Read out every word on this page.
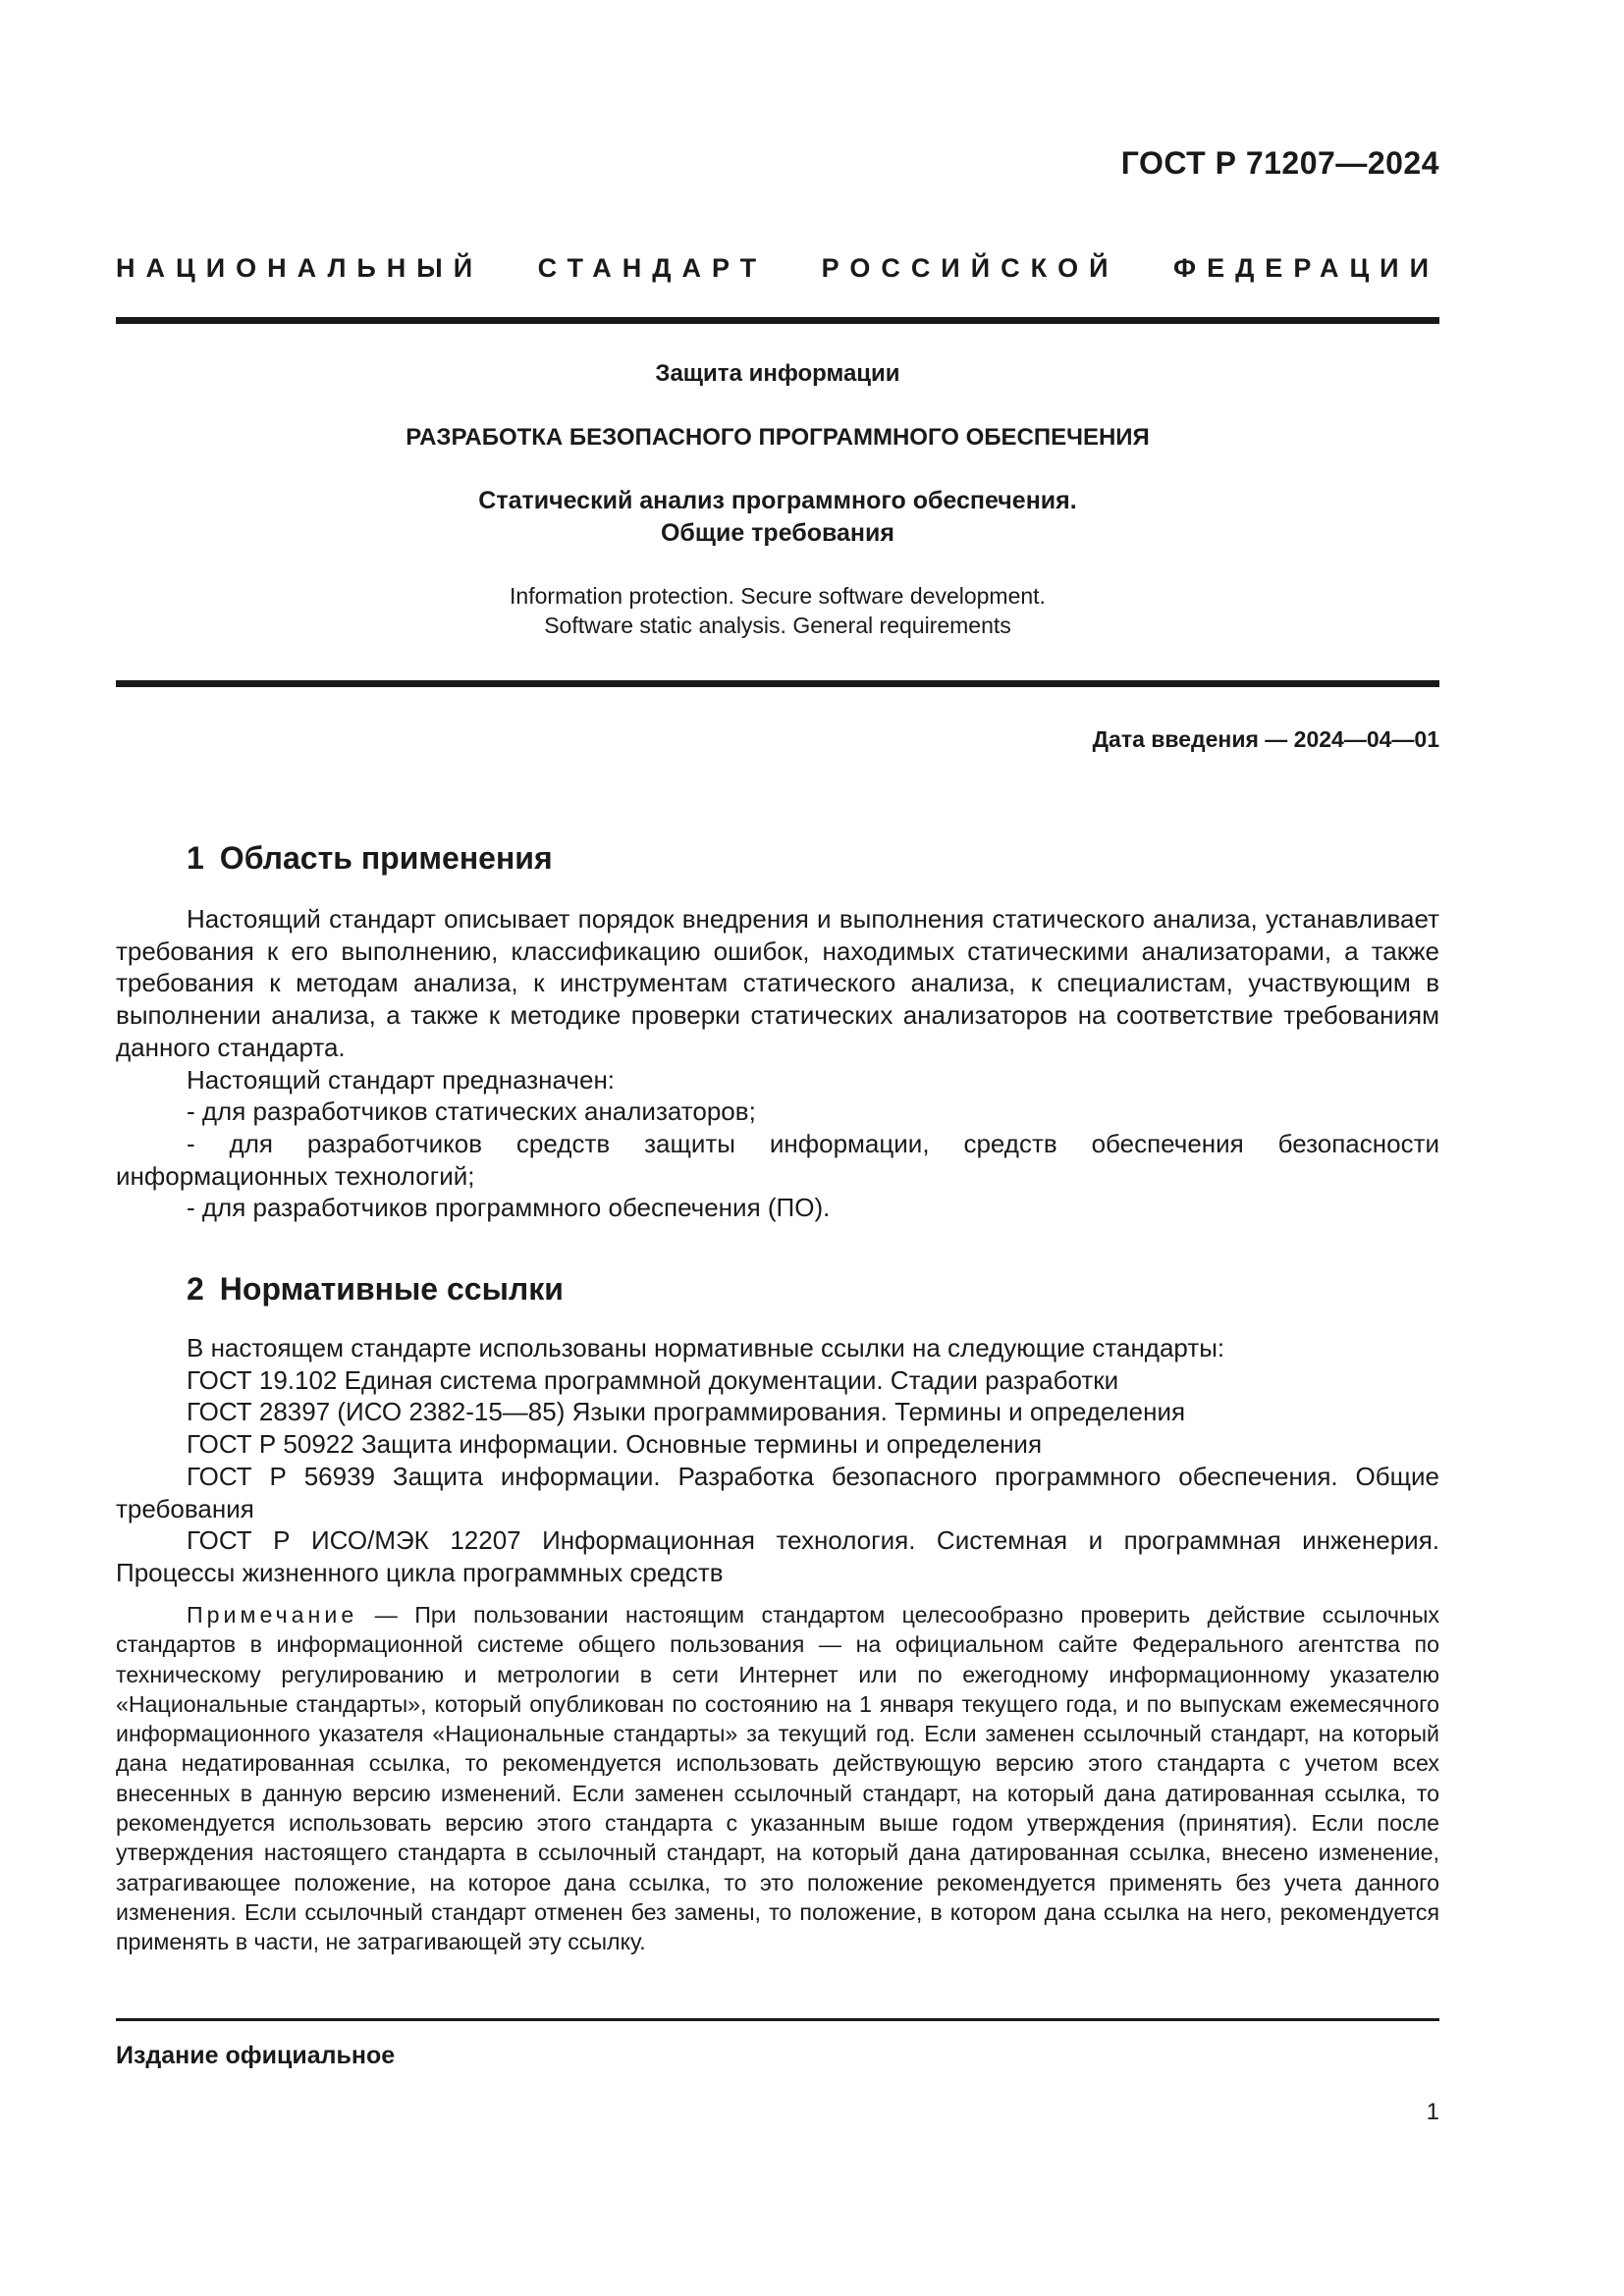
ГОСТ Р 71207—2024
НАЦИОНАЛЬНЫЙ СТАНДАРТ РОССИЙСКОЙ ФЕДЕРАЦИИ
Защита информации
РАЗРАБОТКА БЕЗОПАСНОГО ПРОГРАММНОГО ОБЕСПЕЧЕНИЯ
Статический анализ программного обеспечения.
Общие требования
Information protection. Secure software development.
Software static analysis. General requirements
Дата введения — 2024—04—01
1 Область применения

Настоящий стандарт описывает порядок внедрения и выполнения статического анализа, устанавливает требования к его выполнению, классификацию ошибок, находимых статическими анализаторами, а также требования к методам анализа, к инструментам статического анализа, к специалистам, участвующим в выполнении анализа, а также к методике проверки статических анализаторов на соответствие требованиям данного стандарта.

Настоящий стандарт предназначен:

- для разработчиков статических анализаторов;

- для разработчиков средств защиты информации, средств обеспечения безопасности информационных технологий;

- для разработчиков программного обеспечения (ПО).

2 Нормативные ссылки

В настоящем стандарте использованы нормативные ссылки на следующие стандарты:

ГОСТ 19.102 Единая система программной документации. Стадии разработки

ГОСТ 28397 (ИСО 2382-15—85) Языки программирования. Термины и определения

ГОСТ Р 50922 Защита информации. Основные термины и определения

ГОСТ Р 56939 Защита информации. Разработка безопасного программного обеспечения. Общие требования

ГОСТ Р ИСО/МЭК 12207 Информационная технология. Системная и программная инженерия. Процессы жизненного цикла программных средств

Примечание — При пользовании настоящим стандартом целесообразно проверить действие ссылочных стандартов в информационной системе общего пользования — на официальном сайте Федерального агентства по техническому регулированию и метрологии в сети Интернет или по ежегодному информационному указателю «Национальные стандарты», который опубликован по состоянию на 1 января текущего года, и по выпускам ежемесячного информационного указателя «Национальные стандарты» за текущий год. Если заменен ссылочный стандарт, на который дана недатированная ссылка, то рекомендуется использовать действующую версию этого стандарта с учетом всех внесенных в данную версию изменений. Если заменен ссылочный стандарт, на который дана датированная ссылка, то рекомендуется использовать версию этого стандарта с указанным выше годом утверждения (принятия). Если после утверждения настоящего стандарта в ссылочный стандарт, на который дана датированная ссылка, внесено изменение, затрагивающее положение, на которое дана ссылка, то это положение рекомендуется применять без учета данного изменения. Если ссылочный стандарт отменен без замены, то положение, в котором дана ссылка на него, рекомендуется применять в части, не затрагивающей эту ссылку.

Издание официальное
1
